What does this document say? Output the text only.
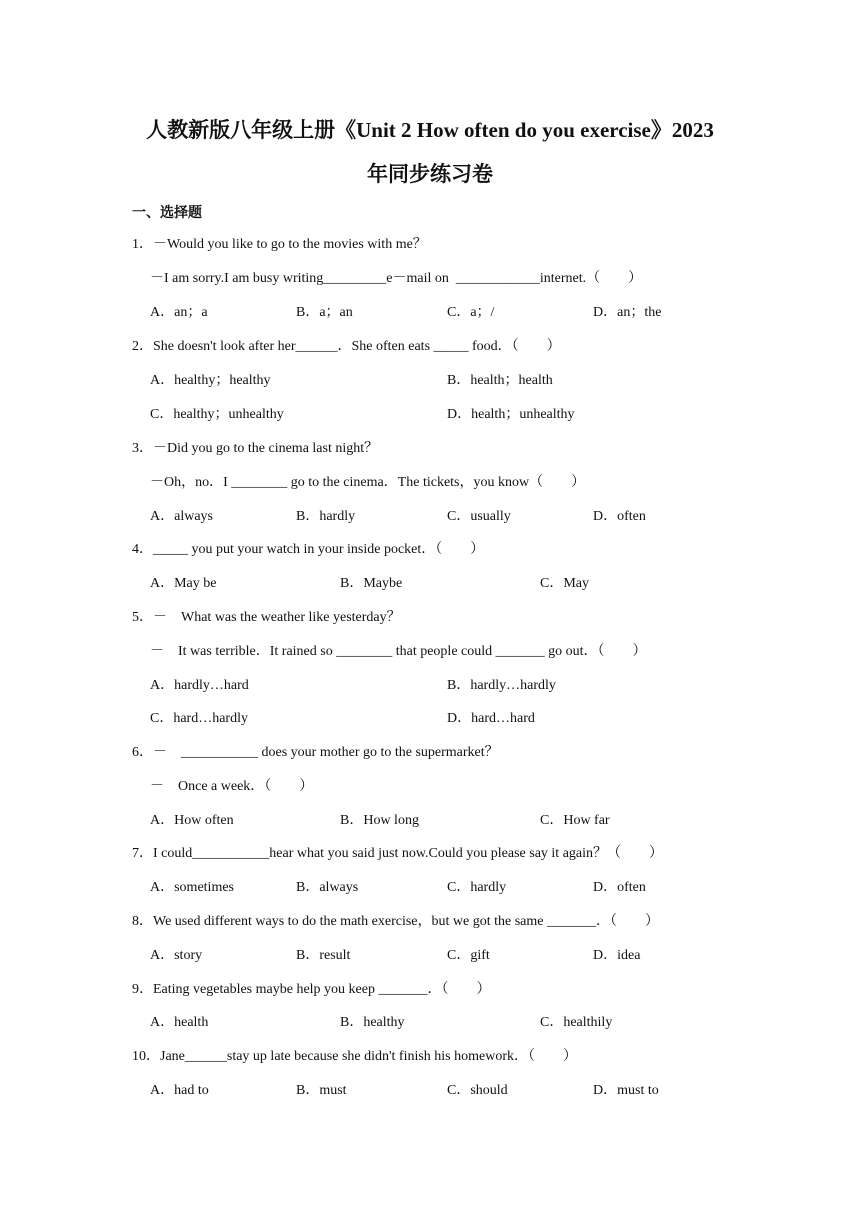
人教新版八年级上册《Unit 2 How often do you exercise》2023
年同步练习卷
一、选择题
1．－Would you like to go to the movies with me？
－I am sorry.I am busy writing_________e－mail on  ____________internet.（　　）
A．an；a	B．a；an	C．a；/	D．an；the
2．She doesn't look after her______．She often eats _____ food．（　　）
A．healthy；healthy	B．health；health
C．healthy；unhealthy	D．health；unhealthy
3．－Did you go to the cinema last night？
－Oh，no．I ________ go to the cinema．The tickets，you know（　　）
A．always	B．hardly	C．usually	D．often
4．_____ you put your watch in your inside pocket．（　　）
A．May be	B．Maybe	C．May
5．－　What was the weather like yesterday？
－　It was terrible．It rained so ________ that people could _______ go out．（　　）
A．hardly…hard	B．hardly…hardly
C．hard…hardly	D．hard…hard
6．－　___________ does your mother go to the supermarket？
－　Once a week．（　　）
A．How often	B．How long	C．How far
7．I could___________hear what you said just now.Could you please say it again？（　　）
A．sometimes	B．always	C．hardly	D．often
8．We used different ways to do the math exercise，but we got the same _______．（　　）
A．story	B．result	C．gift	D．idea
9．Eating vegetables maybe help you keep _______．（　　）
A．health	B．healthy	C．healthily
10．Jane______stay up late because she didn't finish his homework．（　　）
A．had to	B．must	C．should	D．must to
